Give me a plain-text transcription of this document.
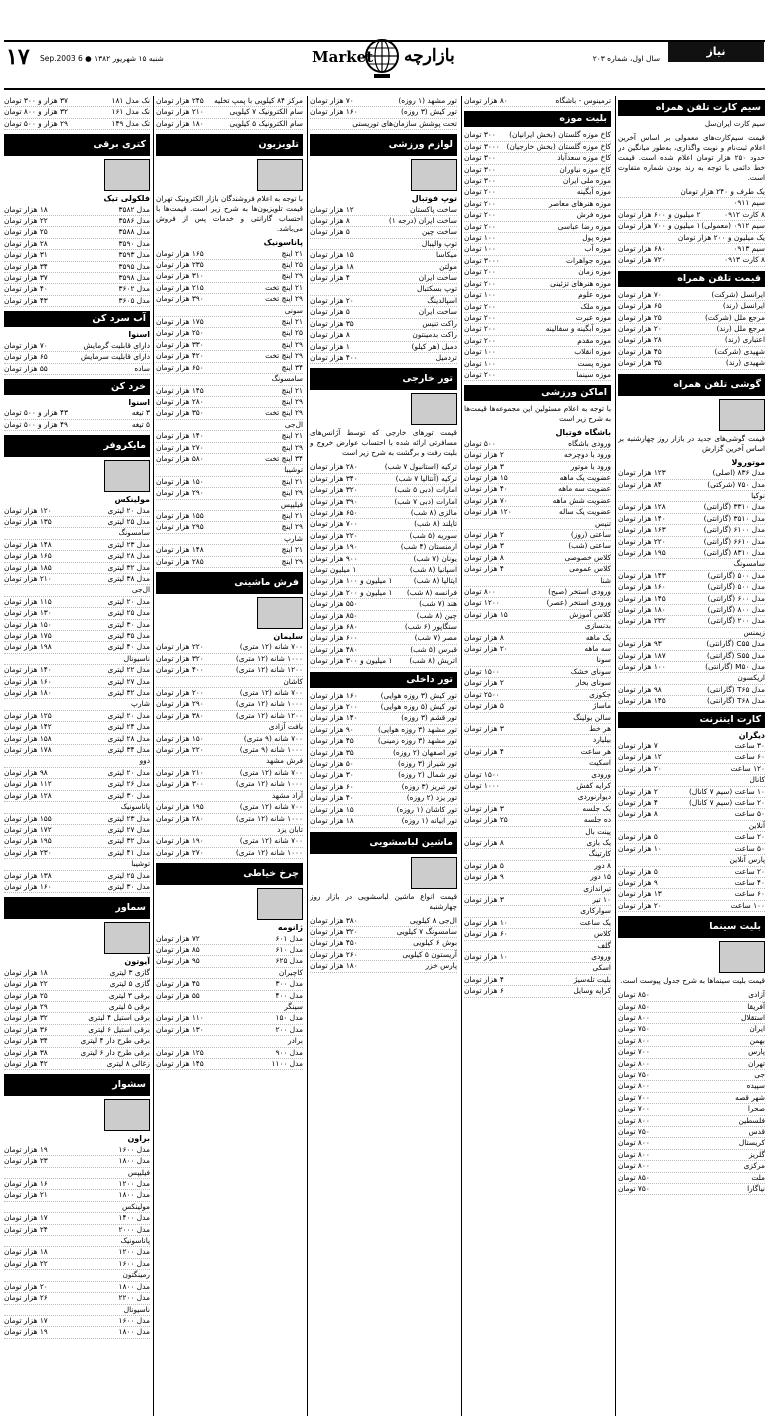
۱۷ شنبه ۱۵ شهریور ۱۳۸۲ ● 6 Sep.2003	Market بازارچه	سال اول، شماره ۲۰۳
نیاز
سیم کارت تلفن همراه
سیم کارت ایران‌سل
قیمت سیم‌کارت‌های معمولی بر اساس آخرین اعلام ثبت‌نام و نوبت واگذاری، به‌طور میانگین در حدود ۲۵۰ هزار تومان اعلام شده است. قیمت خط دائمی با توجه به رند بودن شماره متفاوت است.
یک طرف و ۲۴۰ هزار تومان
سیم ۰۹۱۱
۸ کارت ۰۹۱۲
۲ میلیون و ۶۰۰ هزار تومان
سیم ۰۹۱۲ (معمولی)
۱ میلیون و ۷۰۰ هزار تومان
یک میلیون و ۲۰۰ هزار تومان
سیم ۰۹۱۳
۶۸۰ هزار تومان
۸ کارت ۰۹۱۳
۷۲۰ هزار تومان
قیمت تلفن همراه
ایرانسل (شرکت)
۷۰ هزار تومان
ایرانسل (رند)
۶۵ هزار تومان
مرجع ملل (شرکت)
۲۵ هزار تومان
مرجع ملل (رند)
۲۰ هزار تومان
اعتباری (رند)
۲۸ هزار تومان
شهیدی (شرکت)
۴۵ هزار تومان
شهیدی (رند)
۳۵ هزار تومان
گوشی تلفن همراه
قیمت گوشی‌های جدید در بازار روز چهارشنبه بر اساس آخرین گزارش
موتورولا
مدل ۸۳۶ (اصلی)
۱۲۳ هزار تومان
مدل ۷۵۰ (شرکتی)
۸۴ هزار تومان
نوکیا
مدل ۳۳۱۰ (گارانتی)
۱۲۸ هزار تومان
مدل ۳۵۱۰ (گارانتی)
۱۴۰ هزار تومان
مدل ۶۱۰۰ (گارانتی)
۱۶۳ هزار تومان
مدل ۶۶۱۰ (گارانتی)
۲۲۰ هزار تومان
مدل ۸۳۱۰ (گارانتی)
۱۹۵ هزار تومان
سامسونگ
مدل ۵۰۰ (گارانتی)
۱۴۳ هزار تومان
مدل ۵۰۰ (گارانتی)
۱۶۰ هزار تومان
مدل ۶۰۰ (گارانتی)
۱۴۵ هزار تومان
مدل ۸۰۰ (گارانتی)
۱۸۰ هزار تومان
مدل ۲۰۰ (گارانتی)
۲۳۲ هزار تومان
زیمنس
مدل C۵۵ (گارانتی)
۹۳ هزار تومان
مدل S۵۵ (گارانتی)
۱۸۷ هزار تومان
مدل M۵۰ (گارانتی)
۱۰۰ هزار تومان
اریکسون
مدل T۶۵ (گارانتی)
۹۸ هزار تومان
مدل T۶۸ (گارانتی)
۱۴۵ هزار تومان
کارت اینترنت
دیگران
۳۰ ساعت
۷ هزار تومان
۶۰ ساعت
۱۲ هزار تومان
۱۲۰ ساعت
۲۰ هزار تومان
کانال
۱۰ ساعت (سیم ۷ کانال)
۲ هزار تومان
۲۰ ساعت (سیم ۷ کانال)
۴ هزار تومان
۵۰ ساعت
۸ هزار تومان
آنلاین
۲۰ ساعت
۵ هزار تومان
۵۰ ساعت
۱۰ هزار تومان
پارس آنلاین
۲۰ ساعت
۵ هزار تومان
۴۰ ساعت
۹ هزار تومان
۶۰ ساعت
۱۳ هزار تومان
۱۰۰ ساعت
۲۰ هزار تومان
بلیت سینما
قیمت بلیت سینماها به شرح جدول پیوست است.
آزادی
۸۵۰ تومان
آفریقا
۸۵۰ تومان
استقلال
۸۰۰ تومان
ایران
۷۵۰ تومان
بهمن
۸۰۰ تومان
پارس
۷۰۰ تومان
تهران
۸۰۰ تومان
جی
۷۵۰ تومان
سپیده
۸۰۰ تومان
شهر قصه
۷۰۰ تومان
صحرا
۷۰۰ تومان
فلسطین
۸۰۰ تومان
قدس
۷۵۰ تومان
کریستال
۸۰۰ تومان
گلریز
۸۰۰ تومان
مرکزی
۸۰۰ تومان
ملت
۸۵۰ تومان
نیاگارا
۷۵۰ تومان
ترمینوس - باشگاه
۸۰ هزار تومان
بلیت موزه
کاخ موزه گلستان (بخش ایرانیان)
۳۰۰ تومان
کاخ موزه گلستان (بخش خارجیان)
۳۰۰۰ تومان
کاخ موزه سعدآباد
۳۰۰ تومان
کاخ موزه نیاوران
۳۰۰ تومان
موزه ملی ایران
۳۰۰ تومان
موزه آبگینه
۲۰۰ تومان
موزه هنرهای معاصر
۲۰۰ تومان
موزه فرش
۲۰۰ تومان
موزه رضا عباسی
۲۰۰ تومان
موزه پول
۱۰۰ تومان
موزه آب
۱۰۰ تومان
موزه جواهرات
۳۰۰۰ تومان
موزه زمان
۲۰۰ تومان
موزه هنرهای تزئینی
۲۰۰ تومان
موزه علوم
۱۰۰ تومان
موزه ملک
۲۰۰ تومان
موزه عبرت
۲۰۰ تومان
موزه آبگینه و سفالینه
۲۰۰ تومان
موزه مقدم
۲۰۰ تومان
موزه انقلاب
۱۰۰ تومان
موزه پست
۱۰۰ تومان
موزه سینما
۲۰۰ تومان
اماکن ورزشی
با توجه به اعلام مسئولین این مجموعه‌ها قیمت‌ها به شرح زیر است
باشگاه فوتبال
ورودی باشگاه
۵۰۰ تومان
ورود با دوچرخه
۲ هزار تومان
ورود با موتور
۳ هزار تومان
عضویت یک ماهه
۱۵ هزار تومان
عضویت سه ماهه
۴۰ هزار تومان
عضویت شش ماهه
۷۰ هزار تومان
عضویت یک ساله
۱۲۰ هزار تومان
تنیس
ساعتی (روز)
۲ هزار تومان
ساعتی (شب)
۳ هزار تومان
کلاس خصوصی
۸ هزار تومان
کلاس عمومی
۴ هزار تومان
شنا
ورودی استخر (صبح)
۸۰۰ تومان
ورودی استخر (عصر)
۱۲۰۰ تومان
کلاس آموزش
۱۵ هزار تومان
بدنسازی
یک ماهه
۸ هزار تومان
سه ماهه
۲۰ هزار تومان
سونا
سونای خشک
۱۵۰۰ تومان
سونای بخار
۲ هزار تومان
جکوزی
۲۵۰۰ تومان
ماساژ
۵ هزار تومان
سالن بولینگ
هر خط
۳ هزار تومان
بیلیارد
هر ساعت
۴ هزار تومان
اسکیت
ورودی
۱۵۰۰ تومان
کرایه کفش
۱۰۰۰ تومان
دیوارنوردی
یک جلسه
۳ هزار تومان
ده جلسه
۲۵ هزار تومان
پینت بال
یک بازی
۸ هزار تومان
کارتینگ
۸ دور
۵ هزار تومان
۱۵ دور
۹ هزار تومان
تیراندازی
۱۰ تیر
۳ هزار تومان
سوارکاری
یک ساعت
۱۰ هزار تومان
کلاس
۶۰ هزار تومان
گلف
ورودی
۱۰ هزار تومان
اسکی
بلیت تله‌سیژ
۴ هزار تومان
کرایه وسایل
۶ هزار تومان
تور مشهد (۱ روزه)
۷۰ هزار تومان
تور کیش (۳ روزه)
۱۶۰ هزار تومان
تحت پوشش سازمان‌های توریستی
لوازم ورزشی
توپ فوتبال
ساخت پاکستان
۱۲ هزار تومان
ساخت ایران (درجه ۱)
۸ هزار تومان
ساخت چین
۵ هزار تومان
توپ والیبال
میکاسا
۱۵ هزار تومان
مولتن
۱۸ هزار تومان
ساخت ایران
۴ هزار تومان
توپ بسکتبال
اسپالدینگ
۲۰ هزار تومان
ساخت ایران
۵ هزار تومان
راکت تنیس
۳۵ هزار تومان
راکت بدمینتون
۸ هزار تومان
دمبل (هر کیلو)
۱ هزار تومان
تردمیل
۴۰۰ هزار تومان
تور خارجی
قیمت تورهای خارجی که توسط آژانس‌های مسافرتی ارائه شده با احتساب عوارض خروج و بلیت رفت و برگشت به شرح زیر است
ترکیه (استانبول ۷ شب)
۲۸۰ هزار تومان
ترکیه (آنتالیا ۷ شب)
۳۴۰ هزار تومان
امارات (دبی ۵ شب)
۳۲۰ هزار تومان
امارات (دبی ۷ شب)
۳۹۰ هزار تومان
مالزی (۸ شب)
۶۵۰ هزار تومان
تایلند (۸ شب)
۷۰۰ هزار تومان
سوریه (۵ شب)
۲۲۰ هزار تومان
ارمنستان (۴ شب)
۱۹۰ هزار تومان
یونان (۷ شب)
۹۰۰ هزار تومان
اسپانیا (۸ شب)
۱ میلیون تومان
ایتالیا (۸ شب)
۱ میلیون و ۱۰۰ هزار تومان
فرانسه (۸ شب)
۱ میلیون و ۲۰۰ هزار تومان
هند (۷ شب)
۵۵۰ هزار تومان
چین (۸ شب)
۸۵۰ هزار تومان
سنگاپور (۶ شب)
۶۸۰ هزار تومان
مصر (۷ شب)
۶۰۰ هزار تومان
قبرس (۵ شب)
۴۸۰ هزار تومان
اتریش (۸ شب)
۱ میلیون و ۳۰۰ هزار تومان
تور داخلی
تور کیش (۳ روزه هوایی)
۱۶۰ هزار تومان
تور کیش (۵ روزه هوایی)
۲۰۰ هزار تومان
تور قشم (۳ روزه)
۱۴۰ هزار تومان
تور مشهد (۳ روزه هوایی)
۹۰ هزار تومان
تور مشهد (۳ روزه زمینی)
۴۵ هزار تومان
تور اصفهان (۲ روزه)
۳۵ هزار تومان
تور شیراز (۳ روزه)
۵۰ هزار تومان
تور شمال (۲ روزه)
۳۰ هزار تومان
تور تبریز (۳ روزه)
۶۰ هزار تومان
تور یزد (۲ روزه)
۴۰ هزار تومان
تور کاشان (۱ روزه)
۱۵ هزار تومان
تور ابیانه (۱ روزه)
۱۸ هزار تومان
ماشین لباسشویی
قیمت انواع ماشین لباسشویی در بازار روز چهارشنبه
ال‌جی ۸ کیلویی
۳۸۰ هزار تومان
سامسونگ ۷ کیلویی
۳۲۰ هزار تومان
بوش ۶ کیلویی
۴۵۰ هزار تومان
آریستون ۵ کیلویی
۲۶۰ هزار تومان
پارس خزر
۱۸۰ هزار تومان
مرکز ۸۴ کیلویی با پمپ تخلیه
۲۴۵ هزار تومان
سام الکترونیک ۷ کیلویی
۲۱۰ هزار تومان
سام الکترونیک ۵ کیلویی
۱۸۰ هزار تومان
تلویزیون
با توجه به اعلام فروشندگان بازار الکترونیک تهران قیمت تلویزیون‌ها به شرح زیر است. قیمت‌ها با احتساب گارانتی و خدمات پس از فروش می‌باشد.
پاناسونیک
۲۱ اینچ
۱۶۵ هزار تومان
۲۵ اینچ
۲۳۵ هزار تومان
۲۹ اینچ
۳۱۰ هزار تومان
۲۱ اینچ تخت
۲۱۵ هزار تومان
۲۹ اینچ تخت
۳۹۰ هزار تومان
سونی
۲۱ اینچ
۱۷۵ هزار تومان
۲۵ اینچ
۲۵۰ هزار تومان
۲۹ اینچ
۳۳۰ هزار تومان
۲۹ اینچ تخت
۴۲۰ هزار تومان
۳۴ اینچ
۶۵۰ هزار تومان
سامسونگ
۲۱ اینچ
۱۴۵ هزار تومان
۲۹ اینچ
۲۸۰ هزار تومان
۲۹ اینچ تخت
۳۵۰ هزار تومان
ال‌جی
۲۱ اینچ
۱۴۰ هزار تومان
۲۹ اینچ
۲۷۰ هزار تومان
۳۴ اینچ تخت
۵۸۰ هزار تومان
توشیبا
۲۱ اینچ
۱۵۰ هزار تومان
۲۹ اینچ
۲۹۰ هزار تومان
فیلیپس
۲۱ اینچ
۱۵۵ هزار تومان
۲۹ اینچ
۲۹۵ هزار تومان
شارپ
۲۱ اینچ
۱۴۸ هزار تومان
۲۹ اینچ
۲۸۵ هزار تومان
فرش ماشینی
سلیمان
۷۰۰ شانه (۱۲ متری)
۲۲۰ هزار تومان
۱۰۰۰ شانه (۱۲ متری)
۳۲۰ هزار تومان
۱۲۰۰ شانه (۱۲ متری)
۴۰۰ هزار تومان
کاشان
۷۰۰ شانه (۱۲ متری)
۲۰۰ هزار تومان
۱۰۰۰ شانه (۱۲ متری)
۲۹۰ هزار تومان
۱۲۰۰ شانه (۱۲ متری)
۳۸۰ هزار تومان
بافت آزادی
۷۰۰ شانه (۹ متری)
۱۵۰ هزار تومان
۱۰۰۰ شانه (۹ متری)
۲۲۰ هزار تومان
فرش مشهد
۷۰۰ شانه (۱۲ متری)
۲۱۰ هزار تومان
۱۰۰۰ شانه (۱۲ متری)
۳۰۰ هزار تومان
آراد مشهد
۷۰۰ شانه (۱۲ متری)
۱۹۵ هزار تومان
۱۰۰۰ شانه (۱۲ متری)
۲۸۰ هزار تومان
تابان یزد
۷۰۰ شانه (۱۲ متری)
۱۹۰ هزار تومان
۱۰۰۰ شانه (۱۲ متری)
۲۷۰ هزار تومان
چرخ خیاطی
ژانومه
مدل ۶۰۱
۷۲ هزار تومان
مدل ۶۱۰
۸۵ هزار تومان
مدل ۶۲۵
۹۵ هزار تومان
کاچیران
مدل ۳۰۰
۴۵ هزار تومان
مدل ۴۰۰
۵۵ هزار تومان
سینگر
مدل ۱۵۰
۱۱۰ هزار تومان
مدل ۲۰۰
۱۳۰ هزار تومان
برادر
مدل ۹۰۰
۱۲۵ هزار تومان
مدل ۱۱۰۰
۱۴۵ هزار تومان
نک مدل ۱۸۱
۳۷ هزار و ۳۰۰ تومان
نک مدل ۱۶۱
۳۲ هزار و ۸۰۰ تومان
تک مدل ۱۴۹
۲۹ هزار و ۵۰۰ تومان
کتری برقی
فلکولی تیک
مدل ۳۵۸۲
۱۸ هزار تومان
مدل ۳۵۸۶
۲۲ هزار تومان
مدل ۳۵۸۸
۲۵ هزار تومان
مدل ۳۵۹۰
۲۸ هزار تومان
مدل ۳۵۹۳
۳۱ هزار تومان
مدل ۳۵۹۵
۳۴ هزار تومان
مدل ۳۵۹۸
۳۷ هزار تومان
مدل ۳۶۰۲
۴۰ هزار تومان
مدل ۳۶۰۵
۴۳ هزار تومان
آب سرد کن
اسنوا
دارای قابلیت گرمایش
۷۰ هزار تومان
دارای قابلیت سرمایش
۶۵ هزار تومان
ساده
۵۵ هزار تومان
خرد کن
اسنوا
۳ تیغه
۴۳ هزار و ۵۰۰ تومان
۵ تیغه
۴۹ هزار و ۵۰۰ تومان
مایکروفر
مولینکس
مدل ۲۰ لیتری
۱۲۰ هزار تومان
مدل ۲۵ لیتری
۱۳۵ هزار تومان
سامسونگ
مدل ۲۳ لیتری
۱۴۸ هزار تومان
مدل ۲۸ لیتری
۱۶۵ هزار تومان
مدل ۳۲ لیتری
۱۸۵ هزار تومان
مدل ۳۸ لیتری
۲۱۰ هزار تومان
ال‌جی
مدل ۲۰ لیتری
۱۱۵ هزار تومان
مدل ۲۵ لیتری
۱۳۰ هزار تومان
مدل ۳۰ لیتری
۱۵۰ هزار تومان
مدل ۳۵ لیتری
۱۷۵ هزار تومان
مدل ۴۰ لیتری
۱۹۸ هزار تومان
ناسیونال
مدل ۲۲ لیتری
۱۴۰ هزار تومان
مدل ۲۷ لیتری
۱۶۰ هزار تومان
مدل ۳۲ لیتری
۱۸۰ هزار تومان
شارپ
مدل ۲۰ لیتری
۱۲۵ هزار تومان
مدل ۲۴ لیتری
۱۴۲ هزار تومان
مدل ۲۸ لیتری
۱۵۸ هزار تومان
مدل ۳۴ لیتری
۱۷۸ هزار تومان
دوو
مدل ۲۰ لیتری
۹۸ هزار تومان
مدل ۲۶ لیتری
۱۱۲ هزار تومان
مدل ۳۰ لیتری
۱۲۸ هزار تومان
پاناسونیک
مدل ۲۳ لیتری
۱۵۵ هزار تومان
مدل ۲۷ لیتری
۱۷۲ هزار تومان
مدل ۳۲ لیتری
۱۹۵ هزار تومان
مدل ۴۱ لیتری
۲۳۰ هزار تومان
توشیبا
مدل ۲۵ لیتری
۱۳۸ هزار تومان
مدل ۳۰ لیتری
۱۶۰ هزار تومان
سماور
آیوتون
گازی ۳ لیتری
۱۸ هزار تومان
گازی ۵ لیتری
۲۲ هزار تومان
برقی ۳ لیتری
۲۵ هزار تومان
برقی ۵ لیتری
۲۹ هزار تومان
برقی استیل ۴ لیتری
۳۲ هزار تومان
برقی استیل ۶ لیتری
۳۶ هزار تومان
برقی طرح دار ۴ لیتری
۳۴ هزار تومان
برقی طرح دار ۶ لیتری
۳۸ هزار تومان
زغالی ۸ لیتری
۴۲ هزار تومان
سشوار
براون
مدل ۱۶۰۰
۱۹ هزار تومان
مدل ۱۸۰۰
۲۳ هزار تومان
فیلیپس
مدل ۱۲۰۰
۱۶ هزار تومان
مدل ۱۸۰۰
۲۱ هزار تومان
مولینکس
مدل ۱۴۰۰
۱۷ هزار تومان
مدل ۲۰۰۰
۲۴ هزار تومان
پاناسونیک
مدل ۱۲۰۰
۱۸ هزار تومان
مدل ۱۶۰۰
۲۲ هزار تومان
رمینگتون
مدل ۱۸۰۰
۲۰ هزار تومان
مدل ۲۲۰۰
۲۶ هزار تومان
ناسیونال
مدل ۱۶۰۰
۱۷ هزار تومان
مدل ۱۸۰۰
۱۹ هزار تومان
